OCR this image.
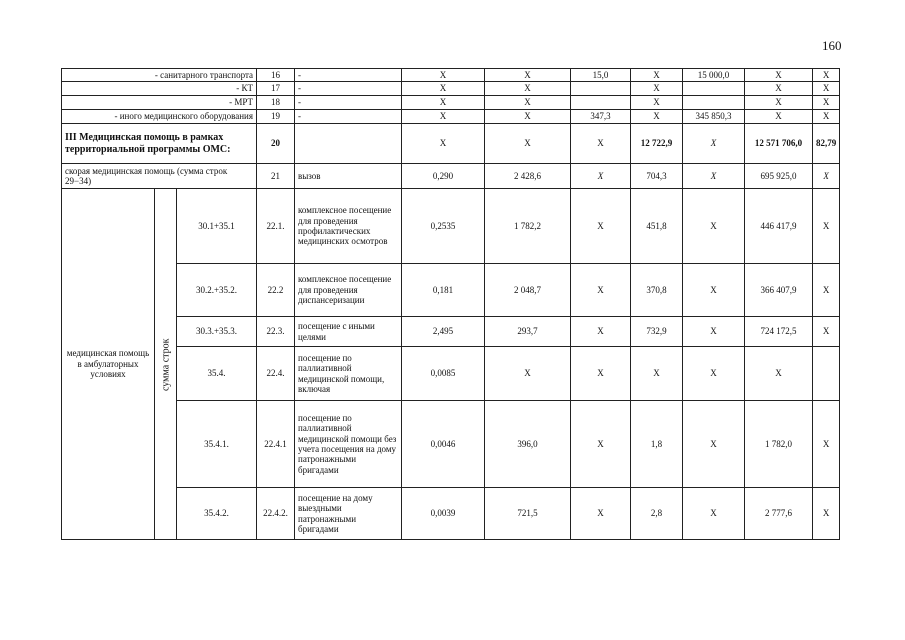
160
- санитарного транспорта			16	-	Х	Х	15,0	Х	15 000,0	Х	Х
- КТ			17	-	Х	Х		Х		Х	Х
- МРТ			18	-	Х	Х		Х		Х	Х
- иного медицинского оборудования			19	-	Х	Х	347,3	Х	345 850,3	Х	Х
III Медицинская помощь в рамках территориальной программы ОМС:			20		Х	Х	Х	12 722,9	Х	12 571 706,0	82,79
скорая медицинская помощь (сумма строк 29−34)			21	вызов	0,290	2 428,6	Х	704,3	Х	695 925,0	Х
медицинская помощь в амбулаторных условиях	сумма строк	30.1+35.1	22.1.	комплексное посещение для проведения профилактических медицинских осмотров	0,2535	1 782,2	Х	451,8	Х	446 417,9	Х
		30.2.+35.2.	22.2	комплексное посещение для проведения диспансеризации	0,181	2 048,7	Х	370,8	Х	366 407,9	Х
		30.3.+35.3.	22.3.	посещение с иными целями	2,495	293,7	Х	732,9	Х	724 172,5	Х
		35.4.	22.4.	посещение по паллиативной медицинской помощи, включая	0,0085	Х	Х	Х	Х	Х	
		35.4.1.	22.4.1	посещение по паллиативной медицинской помощи без учета посещения на дому патронажными бригадами	0,0046	396,0	Х	1,8	Х	1 782,0	Х
		35.4.2.	22.4.2.	посещение на дому выездными патронажными бригадами	0,0039	721,5	Х	2,8	Х	2 777,6	Х
